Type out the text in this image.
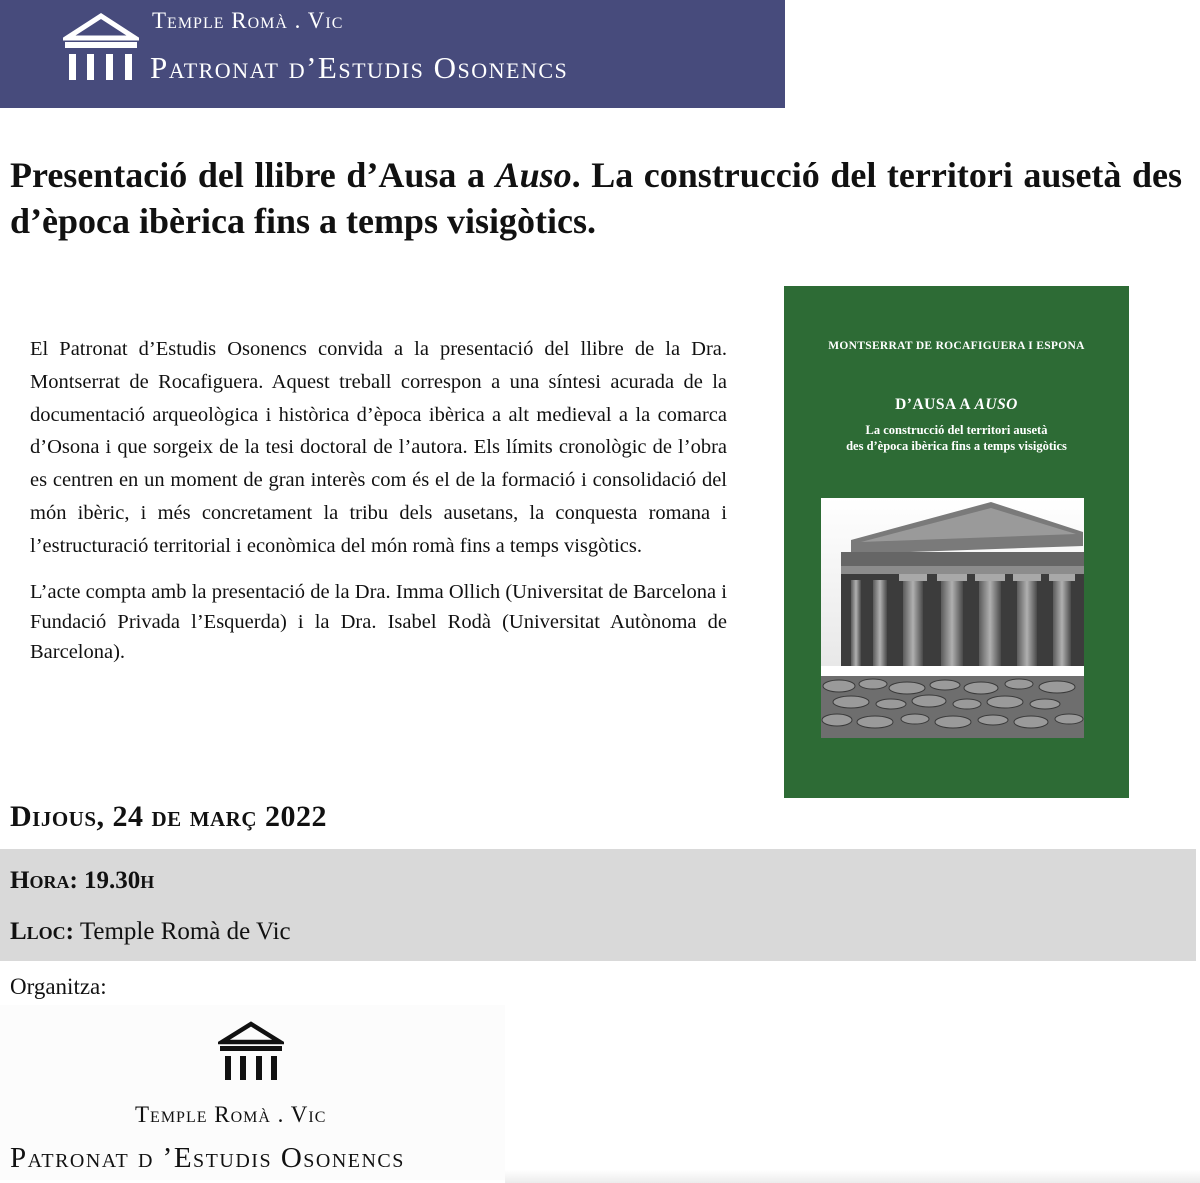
Temple Romà . Vic
Patronat d’Estudis Osonencs
Presentació del llibre d’Ausa a Auso. La construcció del territori ausetà des d’època ibèrica fins a temps visigòtics.

El Patronat d’Estudis Osonencs convida a la presentació del llibre de la Dra. Montserrat de Rocafiguera. Aquest treball correspon a una síntesi acurada de la documentació arqueològica i històrica d’època ibèrica a alt medieval a la comarca d’Osona i que sorgeix de la tesi doctoral de l’autora. Els límits cronològic de l’obra es centren en un moment de gran interès com és el de la formació i consolidació del món ibèric, i més concretament la tribu dels ausetans, la conquesta romana i l’estructuració territorial i econòmica del món romà fins a temps visgòtics.

L’acte compta amb la presentació de la Dra. Imma Ollich (Universitat de Barcelona i Fundació Privada l’Esquerda) i la Dra. Isabel Rodà (Universitat Autònoma de Barcelona).

MONTSERRAT DE ROCAFIGUERA I ESPONA
D’AUSA A AUSO
La construcció del territori ausetà
des d’època ibèrica fins a temps visigòtics
Dijous, 24 de març 2022
Hora: 19.30h
Lloc: Temple Romà de Vic
Organitza:
Temple Romà . Vic
Patronat d ’Estudis Osonencs
